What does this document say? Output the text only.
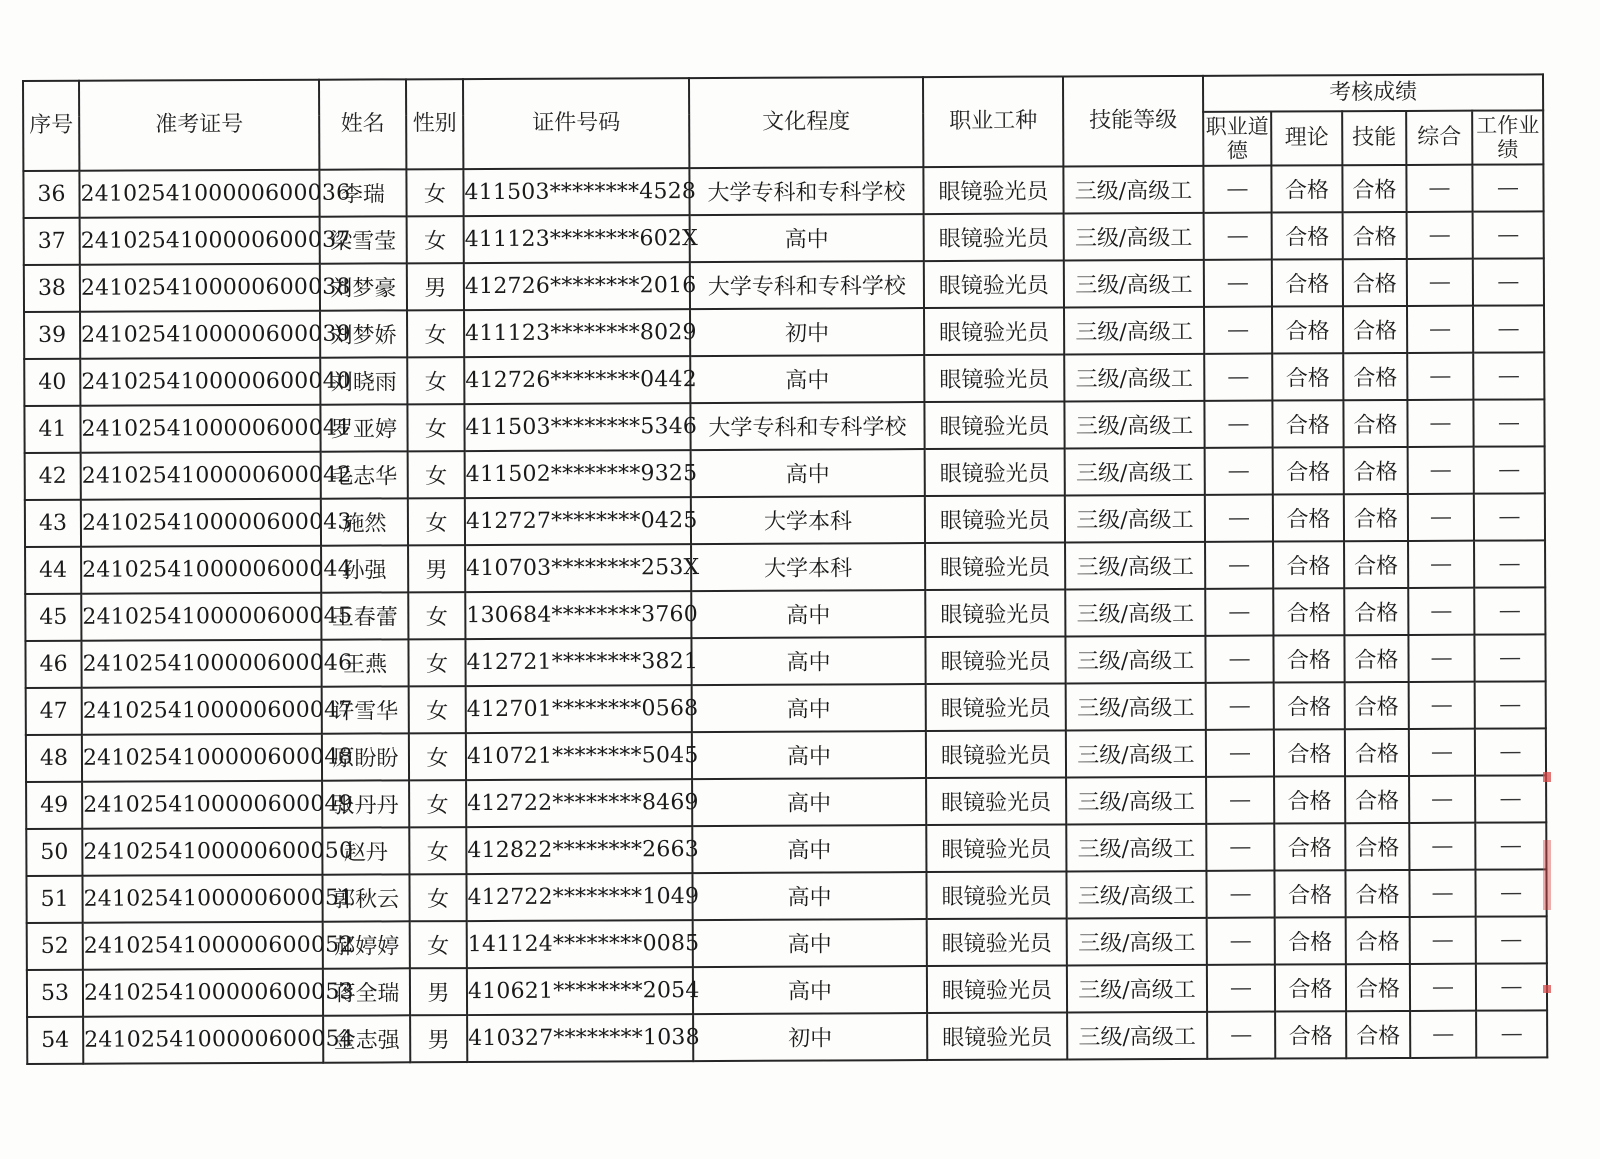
序号	准考证号	姓名	性别	证件号码	文化程度	职业工种	技能等级	考核成绩				
								职业道德	理论	技能	综合	工作业绩
36	2410254100000600036	李瑞	女	411503********4528	大学专科和专科学校	眼镜验光员	三级/高级工	—	合格	合格	—	—
37	2410254100000600037	梁雪莹	女	411123********602X	高中	眼镜验光员	三级/高级工	—	合格	合格	—	—
38	2410254100000600038	刘梦豪	男	412726********2016	大学专科和专科学校	眼镜验光员	三级/高级工	—	合格	合格	—	—
39	2410254100000600039	刘梦娇	女	411123********8029	初中	眼镜验光员	三级/高级工	—	合格	合格	—	—
40	2410254100000600040	刘晓雨	女	412726********0442	高中	眼镜验光员	三级/高级工	—	合格	合格	—	—
41	2410254100000600041	罗亚婷	女	411503********5346	大学专科和专科学校	眼镜验光员	三级/高级工	—	合格	合格	—	—
42	2410254100000600042	毛志华	女	411502********9325	高中	眼镜验光员	三级/高级工	—	合格	合格	—	—
43	2410254100000600043	施然	女	412727********0425	大学本科	眼镜验光员	三级/高级工	—	合格	合格	—	—
44	2410254100000600044	孙强	男	410703********253X	大学本科	眼镜验光员	三级/高级工	—	合格	合格	—	—
45	2410254100000600045	王春蕾	女	130684********3760	高中	眼镜验光员	三级/高级工	—	合格	合格	—	—
46	2410254100000600046	王燕	女	412721********3821	高中	眼镜验光员	三级/高级工	—	合格	合格	—	—
47	2410254100000600047	许雪华	女	412701********0568	高中	眼镜验光员	三级/高级工	—	合格	合格	—	—
48	2410254100000600048	原盼盼	女	410721********5045	高中	眼镜验光员	三级/高级工	—	合格	合格	—	—
49	2410254100000600049	张丹丹	女	412722********8469	高中	眼镜验光员	三级/高级工	—	合格	合格	—	—
50	2410254100000600050	赵丹	女	412822********2663	高中	眼镜验光员	三级/高级工	—	合格	合格	—	—
51	2410254100000600051	郭秋云	女	412722********1049	高中	眼镜验光员	三级/高级工	—	合格	合格	—	—
52	2410254100000600052	郝婷婷	女	141124********0085	高中	眼镜验光员	三级/高级工	—	合格	合格	—	—
53	2410254100000600053	蒋全瑞	男	410621********2054	高中	眼镜验光员	三级/高级工	—	合格	合格	—	—
54	2410254100000600054	金志强	男	410327********1038	初中	眼镜验光员	三级/高级工	—	合格	合格	—	—
